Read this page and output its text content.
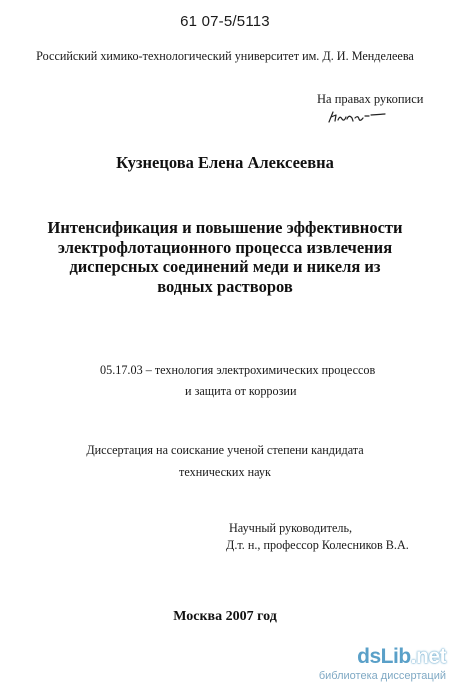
61 07-5/5113
Российский химико-технологический университет им. Д. И. Менделеева
На правах рукописи
Кузнецова Елена Алексеевна
Интенсификация и повышение эффективности
электрофлотационного процесса извлечения
дисперсных соединений меди и никеля из
водных растворов
05.17.03 – технология электрохимических процессов
и защита от коррозии
Диссертация на соискание ученой степени кандидата
технических наук
Научный руководитель,
Д.т. н., профессор Колесников В.А.
Москва 2007 год
dsLib.net
библиотека диссертаций
